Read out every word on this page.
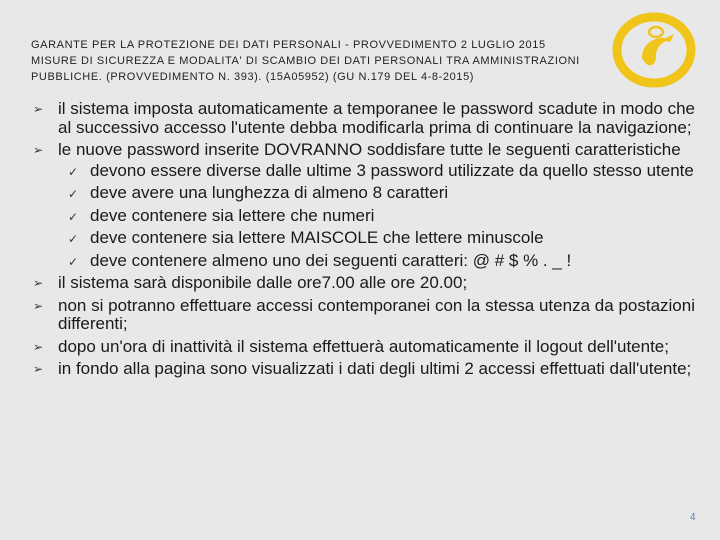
GARANTE PER LA PROTEZIONE DEI DATI PERSONALI - PROVVEDIMENTO 2 LUGLIO 2015
MISURE DI SICUREZZA E MODALITA' DI SCAMBIO DEI DATI PERSONALI TRA AMMINISTRAZIONI
PUBBLICHE. (PROVVEDIMENTO N. 393). (15A05952) (GU N.179 DEL 4-8-2015)
➢ il sistema imposta automaticamente a temporanee le password scadute in modo che al successivo accesso l'utente debba modificarla prima di continuare la navigazione;
➢ le nuove password inserite DOVRANNO soddisfare tutte le seguenti caratteristiche
✓ devono essere diverse dalle ultime 3 password utilizzate da quello stesso utente
✓ deve avere una lunghezza di almeno 8 caratteri
✓ deve contenere sia lettere che numeri
✓ deve contenere sia lettere MAISCOLE che lettere minuscole
✓ deve contenere almeno uno dei seguenti caratteri: @ # $ % . _ !
➢ il sistema sarà disponibile dalle ore7.00 alle ore 20.00;
➢ non si potranno effettuare accessi contemporanei con la stessa utenza da postazioni differenti;
➢ dopo un'ora di inattività il sistema effettuerà automaticamente il logout dell'utente;
➢ in fondo alla pagina sono visualizzati i dati degli ultimi 2 accessi effettuati dall'utente;
4
